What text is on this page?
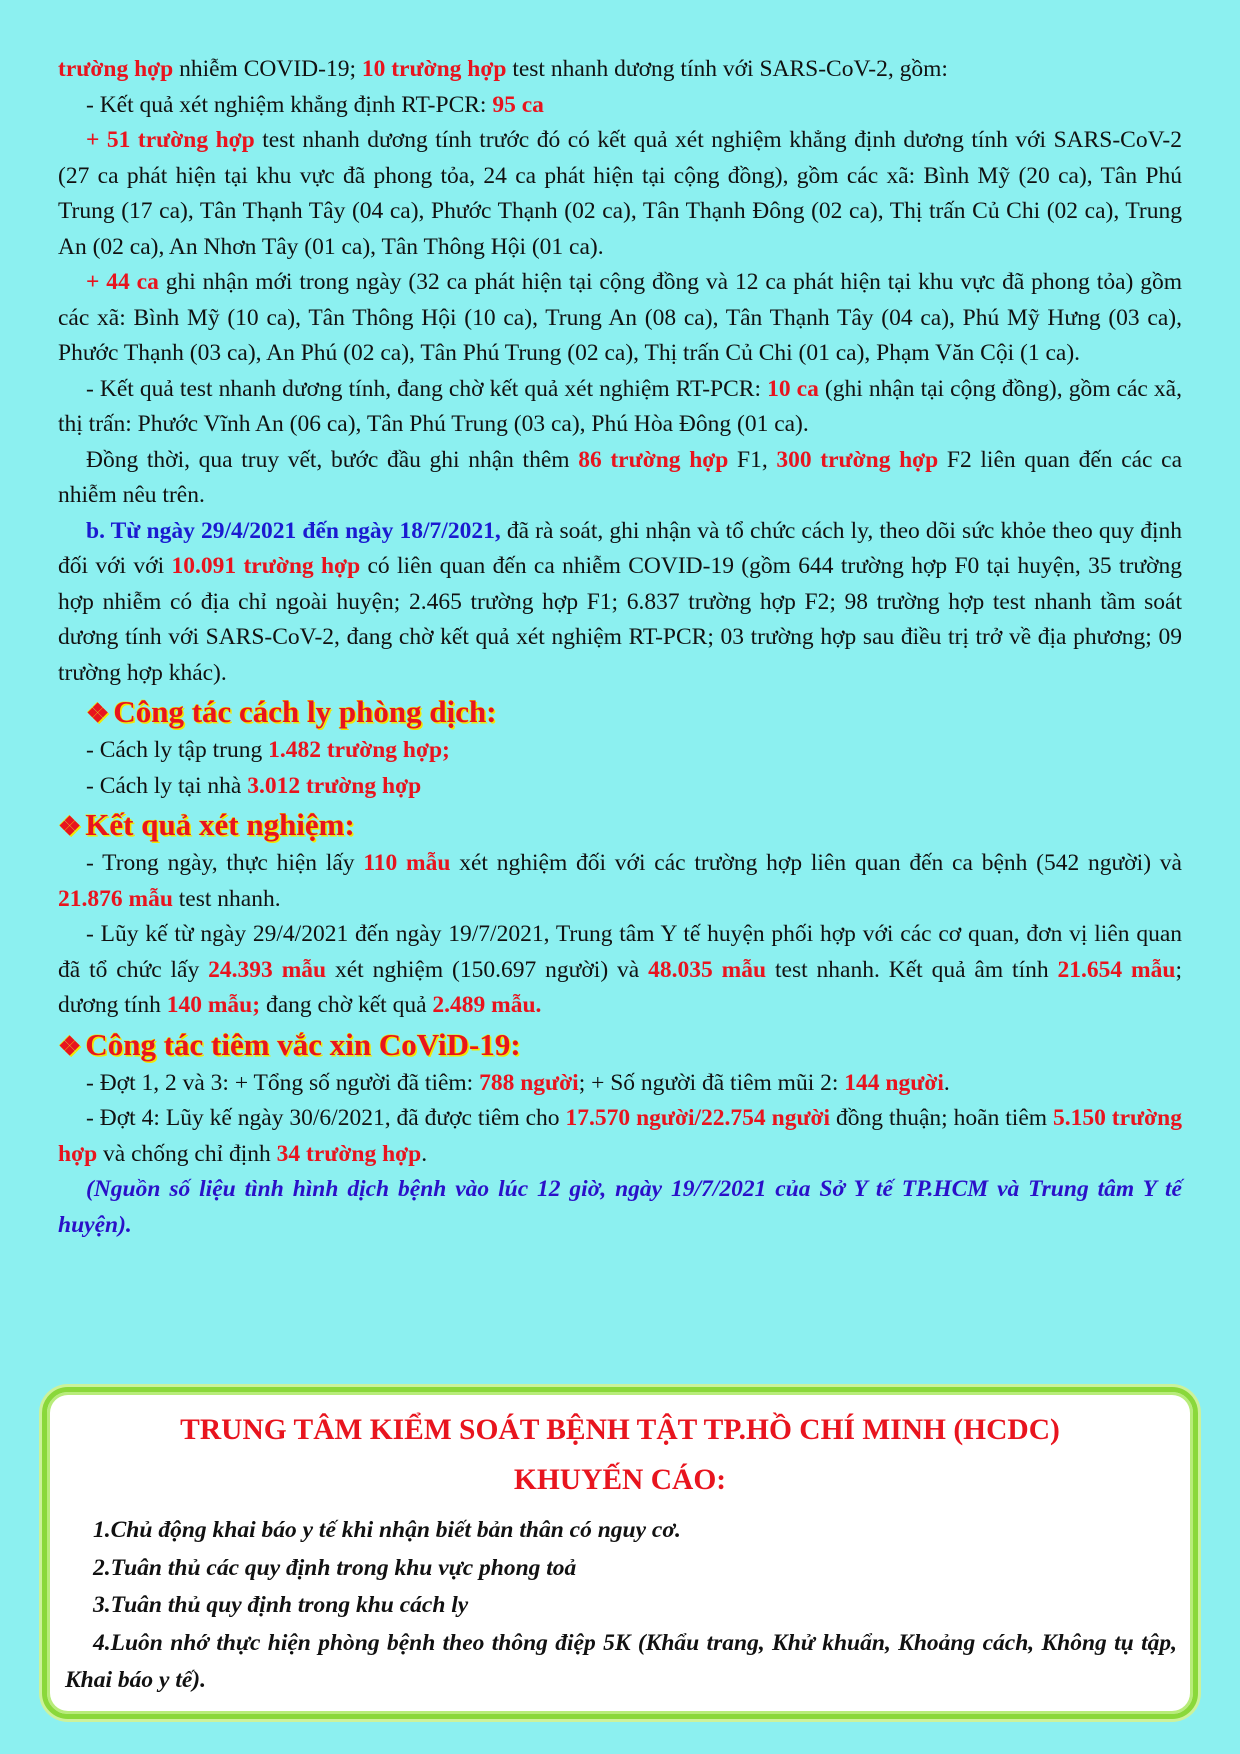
trường hợp nhiễm COVID-19; 10 trường hợp test nhanh dương tính với SARS-CoV-2, gồm:

- Kết quả xét nghiệm khẳng định RT-PCR: 95 ca

+ 51 trường hợp test nhanh dương tính trước đó có kết quả xét nghiệm khẳng định dương tính với SARS-CoV-2 (27 ca phát hiện tại khu vực đã phong tỏa, 24 ca phát hiện tại cộng đồng), gồm các xã: Bình Mỹ (20 ca), Tân Phú Trung (17 ca), Tân Thạnh Tây (04 ca), Phước Thạnh (02 ca), Tân Thạnh Đông (02 ca), Thị trấn Củ Chi (02 ca), Trung An (02 ca), An Nhơn Tây (01 ca), Tân Thông Hội (01 ca).

+ 44 ca ghi nhận mới trong ngày (32 ca phát hiện tại cộng đồng và 12 ca phát hiện tại khu vực đã phong tỏa) gồm các xã: Bình Mỹ (10 ca), Tân Thông Hội (10 ca), Trung An (08 ca), Tân Thạnh Tây (04 ca), Phú Mỹ Hưng (03 ca), Phước Thạnh (03 ca), An Phú (02 ca), Tân Phú Trung (02 ca), Thị trấn Củ Chi (01 ca), Phạm Văn Cội (1 ca).

- Kết quả test nhanh dương tính, đang chờ kết quả xét nghiệm RT-PCR: 10 ca (ghi nhận tại cộng đồng), gồm các xã, thị trấn: Phước Vĩnh An (06 ca), Tân Phú Trung (03 ca), Phú Hòa Đông (01 ca).

Đồng thời, qua truy vết, bước đầu ghi nhận thêm 86 trường hợp F1, 300 trường hợp F2 liên quan đến các ca nhiễm nêu trên.

b. Từ ngày 29/4/2021 đến ngày 18/7/2021, đã rà soát, ghi nhận và tổ chức cách ly, theo dõi sức khỏe theo quy định đối với với 10.091 trường hợp có liên quan đến ca nhiễm COVID-19 (gồm 644 trường hợp F0 tại huyện, 35 trường hợp nhiễm có địa chỉ ngoài huyện; 2.465 trường hợp F1; 6.837 trường hợp F2; 98 trường hợp test nhanh tầm soát dương tính với SARS-CoV-2, đang chờ kết quả xét nghiệm RT-PCR; 03 trường hợp sau điều trị trở về địa phương; 09 trường hợp khác).

❖ Công tác cách ly phòng dịch:

- Cách ly tập trung 1.482 trường hợp;

- Cách ly tại nhà 3.012 trường hợp

❖ Kết quả xét nghiệm:

- Trong ngày, thực hiện lấy 110 mẫu xét nghiệm đối với các trường hợp liên quan đến ca bệnh (542 người) và 21.876 mẫu test nhanh.

- Lũy kế từ ngày 29/4/2021 đến ngày 19/7/2021, Trung tâm Y tế huyện phối hợp với các cơ quan, đơn vị liên quan đã tổ chức lấy 24.393 mẫu xét nghiệm (150.697 người) và 48.035 mẫu test nhanh. Kết quả âm tính 21.654 mẫu; dương tính 140 mẫu; đang chờ kết quả 2.489 mẫu.

❖ Công tác tiêm vắc xin CoViD-19:

- Đợt 1, 2 và 3: + Tổng số người đã tiêm: 788 người; + Số người đã tiêm mũi 2: 144 người.

- Đợt 4: Lũy kế ngày 30/6/2021, đã được tiêm cho 17.570 người/22.754 người đồng thuận; hoãn tiêm 5.150 trường hợp và chống chỉ định 34 trường hợp.

(Nguồn số liệu tình hình dịch bệnh vào lúc 12 giờ, ngày 19/7/2021 của Sở Y tế TP.HCM và Trung tâm Y tế huyện).

TRUNG TÂM KIỂM SOÁT BỆNH TẬT TP.HỒ CHÍ MINH (HCDC)
KHUYẾN CÁO:

1.Chủ động khai báo y tế khi nhận biết bản thân có nguy cơ.

2.Tuân thủ các quy định trong khu vực phong toả

3.Tuân thủ quy định trong khu cách ly

4.Luôn nhớ thực hiện phòng bệnh theo thông điệp 5K (Khẩu trang, Khử khuẩn, Khoảng cách, Không tụ tập, Khai báo y tế).
